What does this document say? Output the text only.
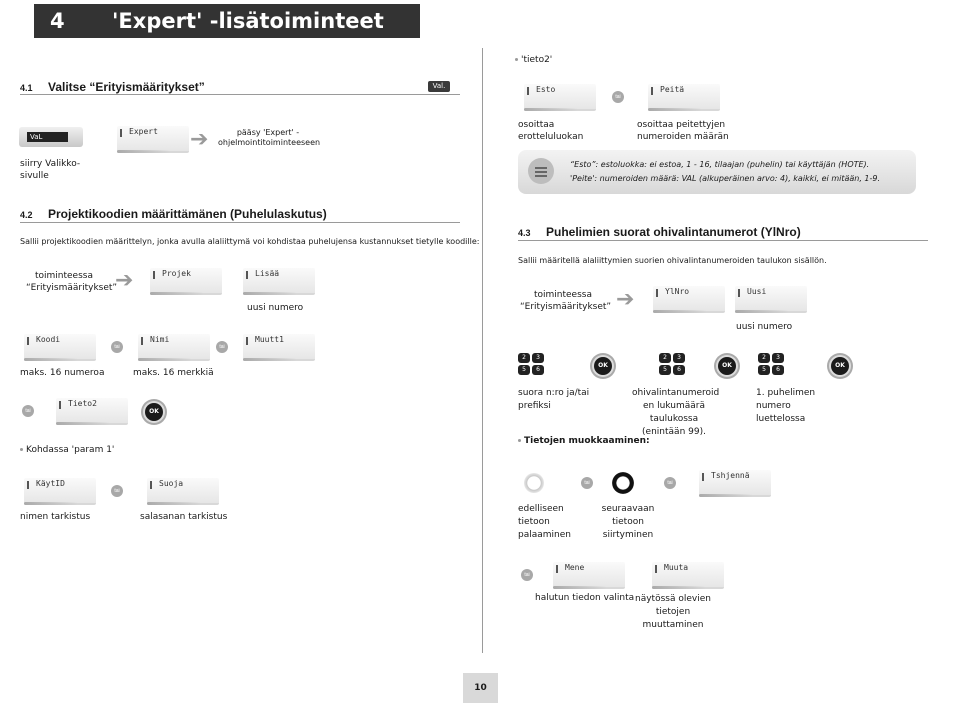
4	'Expert' -lisätoiminteet
4.1	Valitse “Erityismääritykset”	Val.
VaL
Expert ➔	pääsy 'Expert' - ohjelmointitoiminteeseen
siirry Valikko- sivulle
4.2	Projektikoodien määrittämänen (Puhelulaskutus)
Sallii projektikoodien määrittelyn, jonka avulla alaliittymä voi kohdistaa puhelujensa kustannukset tietylle koodille:
toiminteessa
“Erityismääritykset”
➔	Projek	Lisää
uusi numero
Koodi
tai
Nimi
tai
Muutt1
maks. 16 numeroa	maks. 16 merkkiä
tai
Tieto2
OK
Kohdassa 'param 1'
KäytID
tai
Suoja
nimen tarkistus	salasanan tarkistus
'tieto2'
Esto
tai
Peitä
osoittaa erotteluluokan
osoittaa peitettyjen numeroiden määrän
“Esto”: estoluokka: ei estoa, 1 - 16, tilaajan (puhelin) tai käyttäjän (HOTE).
'Peite': numeroiden määrä: VAL (alkuperäinen arvo: 4), kaikki, ei mitään, 1-9.
4.3	Puhelimien suorat ohivalintanumerot (YlNro)
Sallii määritellä alaliittymien suorien ohivalintanumeroiden taulukon sisällön.
toiminteessa
“Erityismääritykset” ➔	YlNro	Uusi
uusi numero
2	3
5	6
OK
2	3
5	6
OK
2	3
5	6
OK
suora n:ro ja/tai prefiksi
ohivalintanumeroid en lukumäärä taulukossa (enintään 99).
1. puhelimen numero luettelossa
Tietojen muokkaaminen:
tai	tai
Tshjennä
edelliseen tietoon palaaminen
seuraavaan tietoon siirtyminen
tai
Mene	Muuta
halutun tiedon valinta näytössä olevien tietojen muuttaminen
10
